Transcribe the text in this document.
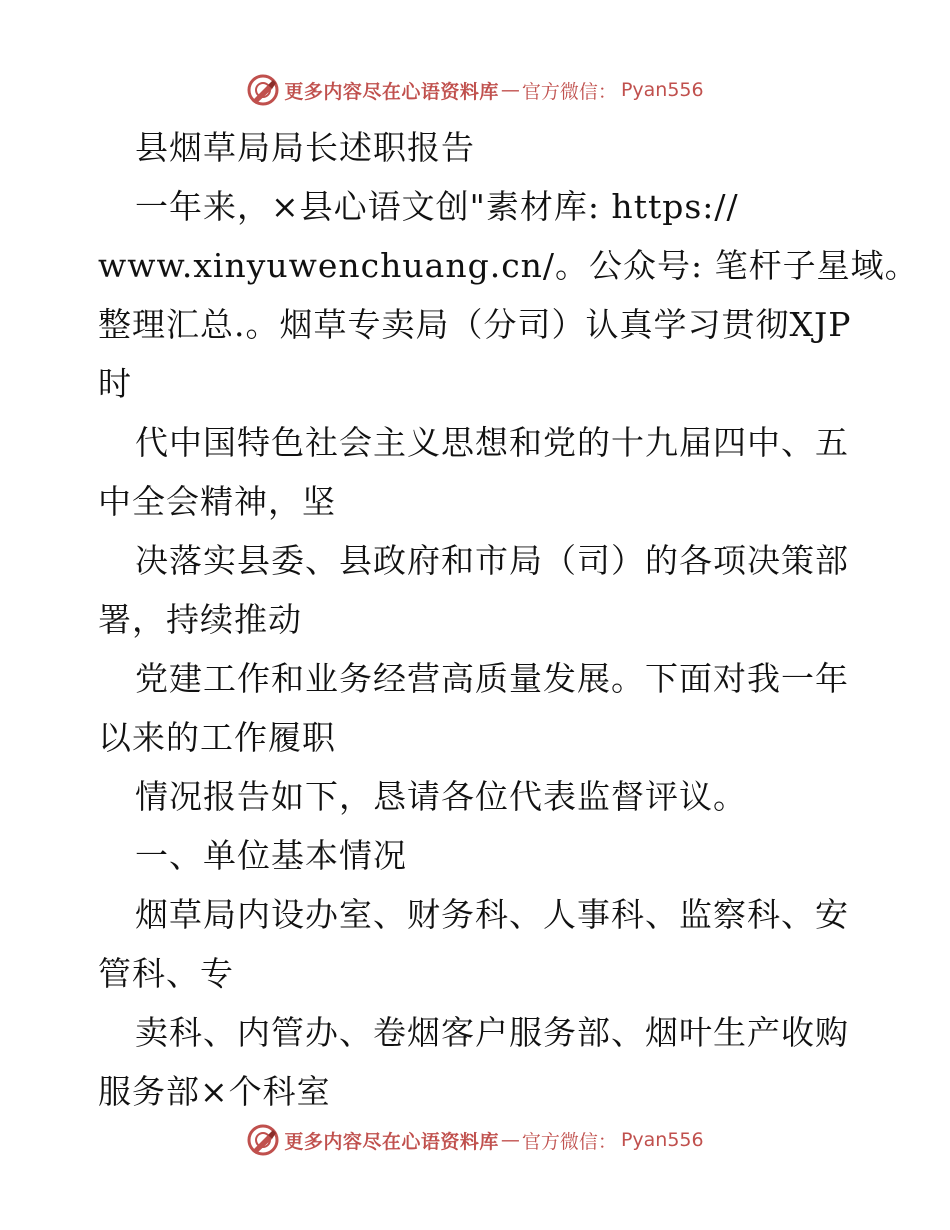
更多内容尽在心语资料库 — 官方微信： Pyan556
县烟草局局长述职报告
一年来，×县心语文创"素材库: https://
www.xinyuwenchuang.cn/。公众号: 笔杆子星域。
整理汇总.。烟草专卖局（分司）认真学习贯彻XJP
时
代中国特色社会主义思想和党的十九届四中、五
中全会精神，坚
决落实县委、县政府和市局（司）的各项决策部
署，持续推动
党建工作和业务经营高质量发展。下面对我一年
以来的工作履职
情况报告如下，恳请各位代表监督评议。
一、单位基本情况
烟草局内设办室、财务科、人事科、监察科、安
管科、专
卖科、内管办、卷烟客户服务部、烟叶生产收购
服务部×个科室
更多内容尽在心语资料库 — 官方微信： Pyan556
